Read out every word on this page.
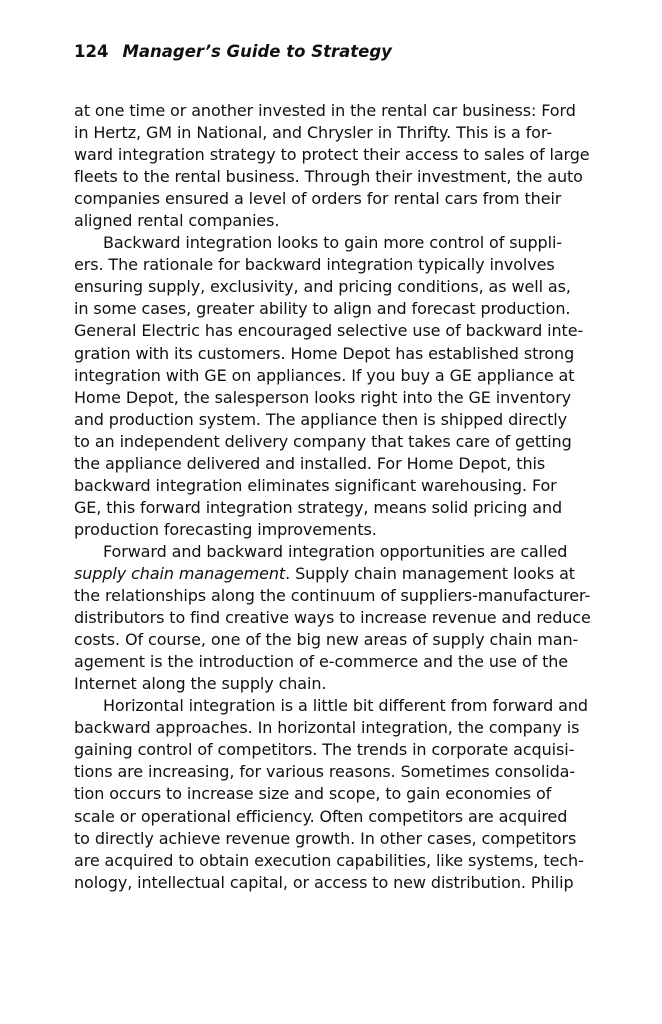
124 Manager’s Guide to Strategy
at one time or another invested in the rental car business: Ford
in Hertz, GM in National, and Chrysler in Thrifty. This is a for-
ward integration strategy to protect their access to sales of large
fleets to the rental business. Through their investment, the auto
companies ensured a level of orders for rental cars from their
aligned rental companies.
Backward integration looks to gain more control of suppli-
ers. The rationale for backward integration typically involves
ensuring supply, exclusivity, and pricing conditions, as well as,
in some cases, greater ability to align and forecast production.
General Electric has encouraged selective use of backward inte-
gration with its customers. Home Depot has established strong
integration with GE on appliances. If you buy a GE appliance at
Home Depot, the salesperson looks right into the GE inventory
and production system. The appliance then is shipped directly
to an independent delivery company that takes care of getting
the appliance delivered and installed. For Home Depot, this
backward integration eliminates significant warehousing. For
GE, this forward integration strategy, means solid pricing and
production forecasting improvements.
Forward and backward integration opportunities are called
supply chain management. Supply chain management looks at
the relationships along the continuum of suppliers-manufacturer-
distributors to find creative ways to increase revenue and reduce
costs. Of course, one of the big new areas of supply chain man-
agement is the introduction of e-commerce and the use of the
Internet along the supply chain.
Horizontal integration is a little bit different from forward and
backward approaches. In horizontal integration, the company is
gaining control of competitors. The trends in corporate acquisi-
tions are increasing, for various reasons. Sometimes consolida-
tion occurs to increase size and scope, to gain economies of
scale or operational efficiency. Often competitors are acquired
to directly achieve revenue growth. In other cases, competitors
are acquired to obtain execution capabilities, like systems, tech-
nology, intellectual capital, or access to new distribution. Philip
